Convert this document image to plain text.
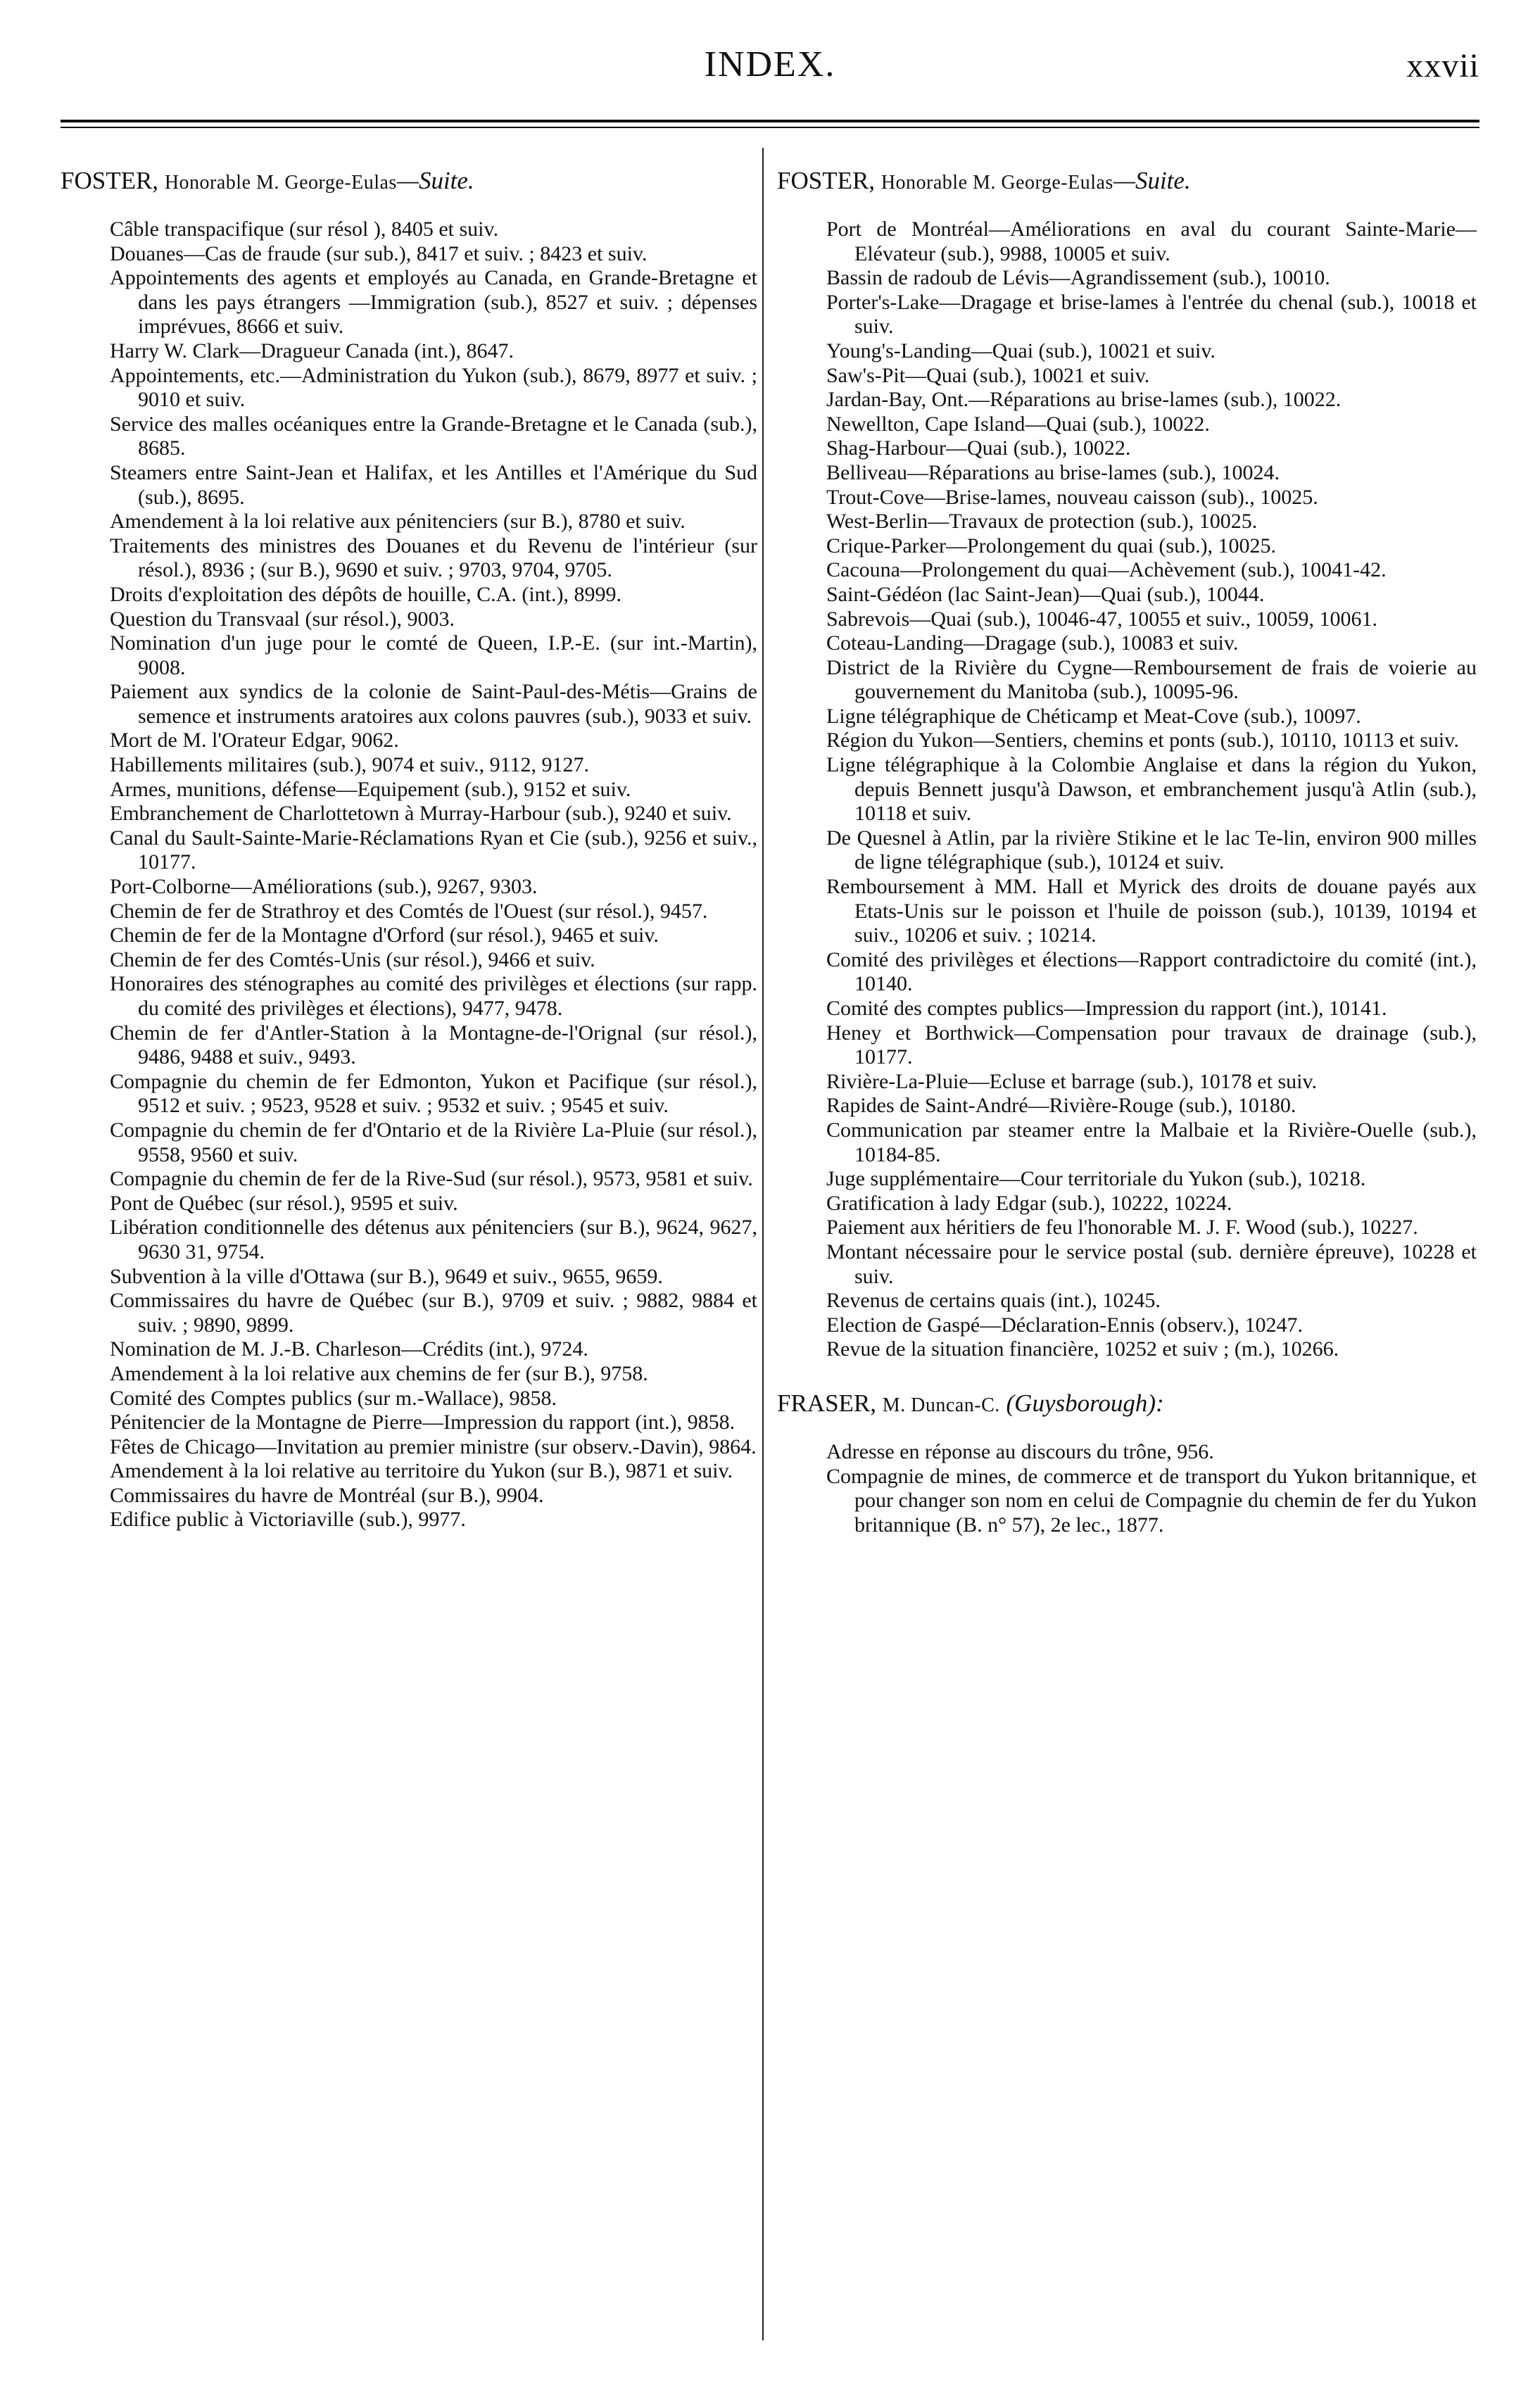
INDEX.	xxvii
FOSTER, Honorable M. George-Eulas—Suite.
Câble transpacifique (sur résol ), 8405 et suiv.
Douanes—Cas de fraude (sur sub.), 8417 et suiv. ; 8423 et suiv.
Appointements des agents et employés au Canada, en Grande-Bretagne et dans les pays étrangers —Immigration (sub.), 8527 et suiv. ; dépenses imprévues, 8666 et suiv.
Harry W. Clark—Dragueur Canada (int.), 8647.
Appointements, etc.—Administration du Yukon (sub.), 8679, 8977 et suiv. ; 9010 et suiv.
Service des malles océaniques entre la Grande-Bretagne et le Canada (sub.), 8685.
Steamers entre Saint-Jean et Halifax, et les Antilles et l'Amérique du Sud (sub.), 8695.
Amendement à la loi relative aux pénitenciers (sur B.), 8780 et suiv.
Traitements des ministres des Douanes et du Revenu de l'intérieur (sur résol.), 8936 ; (sur B.), 9690 et suiv. ; 9703, 9704, 9705.
Droits d'exploitation des dépôts de houille, C.A. (int.), 8999.
Question du Transvaal (sur résol.), 9003.
Nomination d'un juge pour le comté de Queen, I.P.-E. (sur int.-Martin), 9008.
Paiement aux syndics de la colonie de Saint-Paul-des-Métis—Grains de semence et instruments aratoires aux colons pauvres (sub.), 9033 et suiv.
Mort de M. l'Orateur Edgar, 9062.
Habillements militaires (sub.), 9074 et suiv., 9112, 9127.
Armes, munitions, défense—Equipement (sub.), 9152 et suiv.
Embranchement de Charlottetown à Murray-Harbour (sub.), 9240 et suiv.
Canal du Sault-Sainte-Marie-Réclamations Ryan et Cie (sub.), 9256 et suiv., 10177.
Port-Colborne—Améliorations (sub.), 9267, 9303.
Chemin de fer de Strathroy et des Comtés de l'Ouest (sur résol.), 9457.
Chemin de fer de la Montagne d'Orford (sur résol.), 9465 et suiv.
Chemin de fer des Comtés-Unis (sur résol.), 9466 et suiv.
Honoraires des sténographes au comité des privilèges et élections (sur rapp. du comité des privilèges et élections), 9477, 9478.
Chemin de fer d'Antler-Station à la Montagne-de-l'Orignal (sur résol.), 9486, 9488 et suiv., 9493.
Compagnie du chemin de fer Edmonton, Yukon et Pacifique (sur résol.), 9512 et suiv. ; 9523, 9528 et suiv. ; 9532 et suiv. ; 9545 et suiv.
Compagnie du chemin de fer d'Ontario et de la Rivière La-Pluie (sur résol.), 9558, 9560 et suiv.
Compagnie du chemin de fer de la Rive-Sud (sur résol.), 9573, 9581 et suiv.
Pont de Québec (sur résol.), 9595 et suiv.
Libération conditionnelle des détenus aux pénitenciers (sur B.), 9624, 9627, 9630 31, 9754.
Subvention à la ville d'Ottawa (sur B.), 9649 et suiv., 9655, 9659.
Commissaires du havre de Québec (sur B.), 9709 et suiv. ; 9882, 9884 et suiv. ; 9890, 9899.
Nomination de M. J.-B. Charleson—Crédits (int.), 9724.
Amendement à la loi relative aux chemins de fer (sur B.), 9758.
Comité des Comptes publics (sur m.-Wallace), 9858.
Pénitencier de la Montagne de Pierre—Impression du rapport (int.), 9858.
Fêtes de Chicago—Invitation au premier ministre (sur observ.-Davin), 9864.
Amendement à la loi relative au territoire du Yukon (sur B.), 9871 et suiv.
Commissaires du havre de Montréal (sur B.), 9904.
Edifice public à Victoriaville (sub.), 9977.
FOSTER, Honorable M. George-Eulas—Suite.
Port de Montréal—Améliorations en aval du courant Sainte-Marie—Elévateur (sub.), 9988, 10005 et suiv.
Bassin de radoub de Lévis—Agrandissement (sub.), 10010.
Porter's-Lake—Dragage et brise-lames à l'entrée du chenal (sub.), 10018 et suiv.
Young's-Landing—Quai (sub.), 10021 et suiv.
Saw's-Pit—Quai (sub.), 10021 et suiv.
Jardan-Bay, Ont.—Réparations au brise-lames (sub.), 10022.
Newellton, Cape Island—Quai (sub.), 10022.
Shag-Harbour—Quai (sub.), 10022.
Belliveau—Réparations au brise-lames (sub.), 10024.
Trout-Cove—Brise-lames, nouveau caisson (sub)., 10025.
West-Berlin—Travaux de protection (sub.), 10025.
Crique-Parker—Prolongement du quai (sub.), 10025.
Cacouna—Prolongement du quai—Achèvement (sub.), 10041-42.
Saint-Gédéon (lac Saint-Jean)—Quai (sub.), 10044.
Sabrevois—Quai (sub.), 10046-47, 10055 et suiv., 10059, 10061.
Coteau-Landing—Dragage (sub.), 10083 et suiv.
District de la Rivière du Cygne—Remboursement de frais de voierie au gouvernement du Manitoba (sub.), 10095-96.
Ligne télégraphique de Chéticamp et Meat-Cove (sub.), 10097.
Région du Yukon—Sentiers, chemins et ponts (sub.), 10110, 10113 et suiv.
Ligne télégraphique à la Colombie Anglaise et dans la région du Yukon, depuis Bennett jusqu'à Dawson, et embranchement jusqu'à Atlin (sub.), 10118 et suiv.
De Quesnel à Atlin, par la rivière Stikine et le lac Te-lin, environ 900 milles de ligne télégraphique (sub.), 10124 et suiv.
Remboursement à MM. Hall et Myrick des droits de douane payés aux Etats-Unis sur le poisson et l'huile de poisson (sub.), 10139, 10194 et suiv., 10206 et suiv. ; 10214.
Comité des privilèges et élections—Rapport contradictoire du comité (int.), 10140.
Comité des comptes publics—Impression du rapport (int.), 10141.
Heney et Borthwick—Compensation pour travaux de drainage (sub.), 10177.
Rivière-La-Pluie—Ecluse et barrage (sub.), 10178 et suiv.
Rapides de Saint-André—Rivière-Rouge (sub.), 10180.
Communication par steamer entre la Malbaie et la Rivière-Ouelle (sub.), 10184-85.
Juge supplémentaire—Cour territoriale du Yukon (sub.), 10218.
Gratification à lady Edgar (sub.), 10222, 10224.
Paiement aux héritiers de feu l'honorable M. J. F. Wood (sub.), 10227.
Montant nécessaire pour le service postal (sub. dernière épreuve), 10228 et suiv.
Revenus de certains quais (int.), 10245.
Election de Gaspé—Déclaration-Ennis (observ.), 10247.
Revue de la situation financière, 10252 et suiv ; (m.), 10266.
FRASER, M. Duncan-C. (Guysborough):
Adresse en réponse au discours du trône, 956.
Compagnie de mines, de commerce et de transport du Yukon britannique, et pour changer son nom en celui de Compagnie du chemin de fer du Yukon britannique (B. n° 57), 2e lec., 1877.
